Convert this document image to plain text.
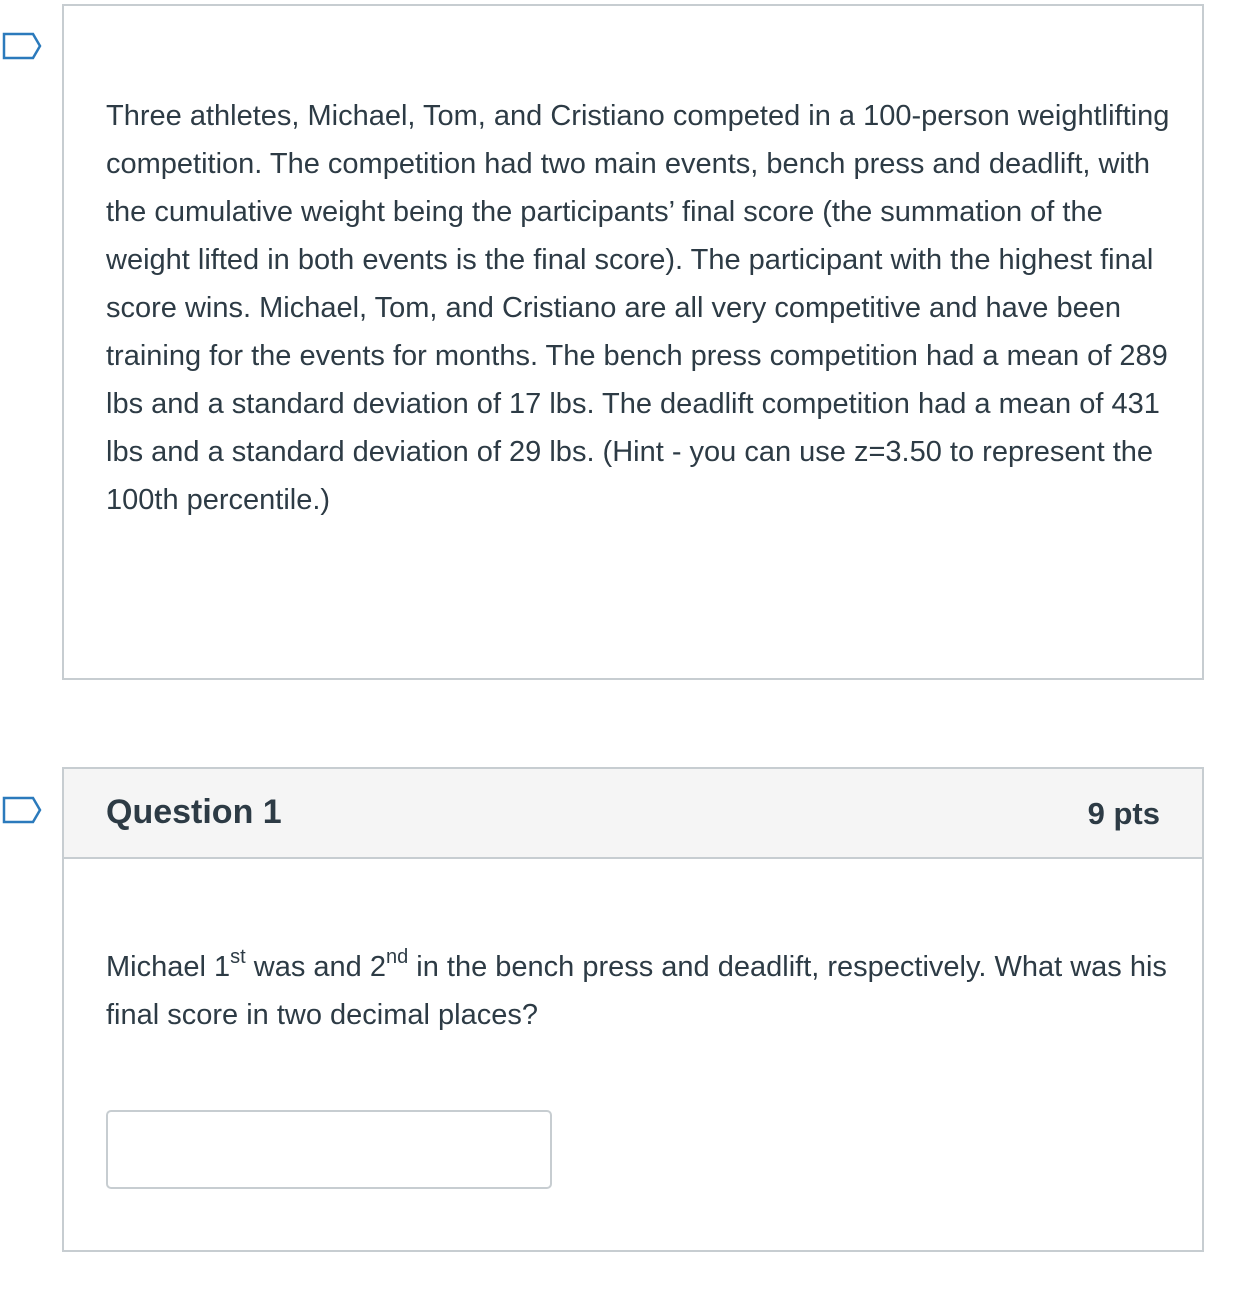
Three athletes, Michael, Tom, and Cristiano competed in a 100-person weightlifting competition. The competition had two main events, bench press and deadlift, with the cumulative weight being the participants’ final score (the summation of the weight lifted in both events is the final score). The participant with the highest final score wins. Michael, Tom, and Cristiano are all very competitive and have been training for the events for months. The bench press competition had a mean of 289 lbs and a standard deviation of 17 lbs. The deadlift competition had a mean of 431 lbs and a standard deviation of 29 lbs. (Hint - you can use z=3.50 to represent the 100th percentile.)

Question 1	9 pts

Michael 1st was and 2nd in the bench press and deadlift, respectively. What was his final score in two decimal places?
